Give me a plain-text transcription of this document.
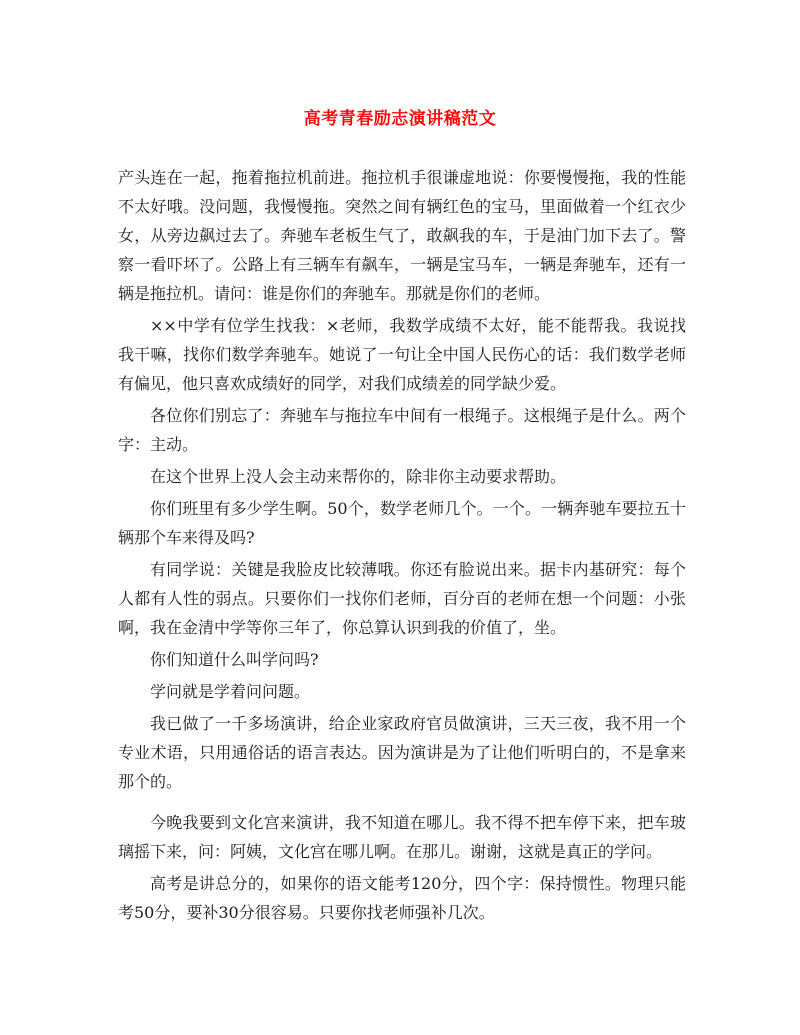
高考青春励志演讲稿范文

产头连在一起，拖着拖拉机前进。拖拉机手很谦虚地说：你要慢慢拖，我的性能不太好哦。没问题，我慢慢拖。突然之间有辆红色的宝马，里面做着一个红衣少女，从旁边飙过去了。奔驰车老板生气了，敢飙我的车，于是油门加下去了。警察一看吓坏了。公路上有三辆车有飙车，一辆是宝马车，一辆是奔驰车，还有一辆是拖拉机。请问：谁是你们的奔驰车。那就是你们的老师。

××中学有位学生找我：×老师，我数学成绩不太好，能不能帮我。我说找我干嘛，找你们数学奔驰车。她说了一句让全中国人民伤心的话：我们数学老师有偏见，他只喜欢成绩好的同学，对我们成绩差的同学缺少爱。

各位你们别忘了：奔驰车与拖拉车中间有一根绳子。这根绳子是什么。两个字：主动。

在这个世界上没人会主动来帮你的，除非你主动要求帮助。

你们班里有多少学生啊。50个，数学老师几个。一个。一辆奔驰车要拉五十辆那个车来得及吗?

有同学说：关键是我脸皮比较薄哦。你还有脸说出来。据卡内基研究：每个人都有人性的弱点。只要你们一找你们老师，百分百的老师在想一个问题：小张啊，我在金清中学等你三年了，你总算认识到我的价值了，坐。

你们知道什么叫学问吗?

学问就是学着问问题。

我已做了一千多场演讲，给企业家政府官员做演讲，三天三夜，我不用一个专业术语，只用通俗话的语言表达。因为演讲是为了让他们听明白的，不是拿来那个的。

今晚我要到文化宫来演讲，我不知道在哪儿。我不得不把车停下来，把车玻璃摇下来，问：阿姨，文化宫在哪儿啊。在那儿。谢谢，这就是真正的学问。

高考是讲总分的，如果你的语文能考120分，四个字：保持惯性。物理只能考50分，要补30分很容易。只要你找老师强补几次。
